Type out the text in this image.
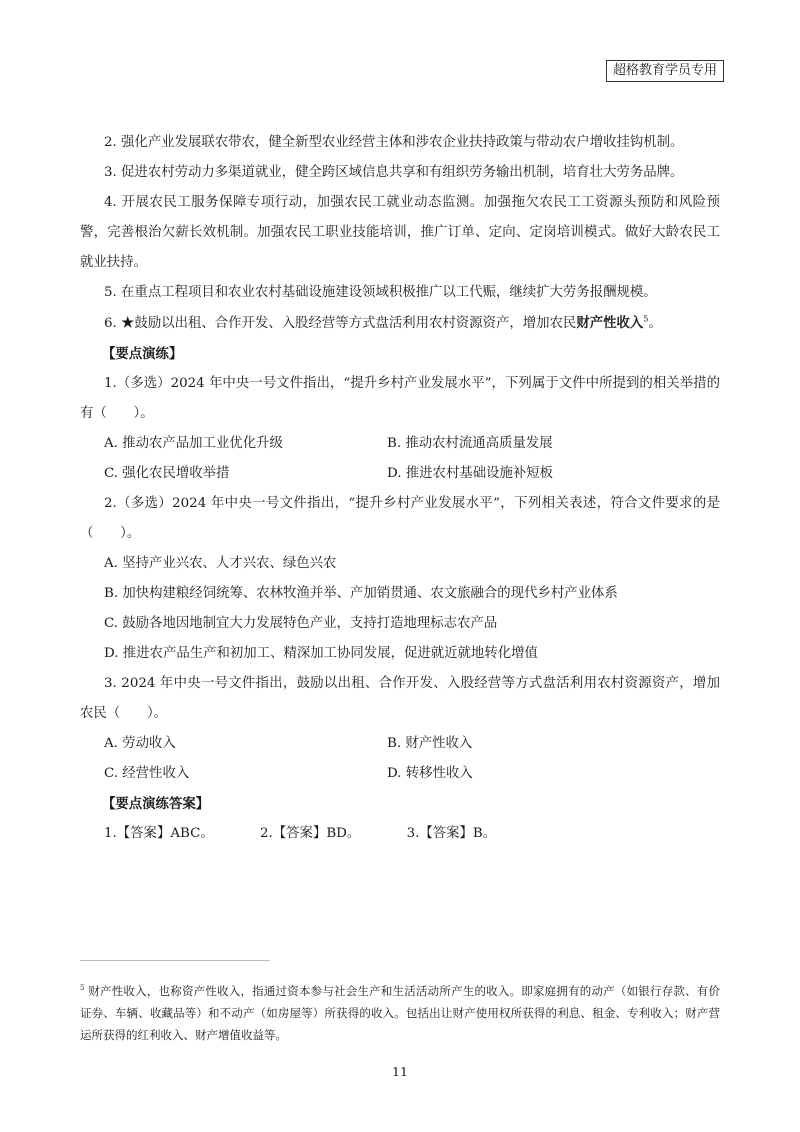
超格教育学员专用

2. 强化产业发展联农带农，健全新型农业经营主体和涉农企业扶持政策与带动农户增收挂钩机制。

3. 促进农村劳动力多渠道就业，健全跨区域信息共享和有组织劳务输出机制，培育壮大劳务品牌。

4. 开展农民工服务保障专项行动，加强农民工就业动态监测。加强拖欠农民工工资源头预防和风险预警，完善根治欠薪长效机制。加强农民工职业技能培训，推广订单、定向、定岗培训模式。做好大龄农民工就业扶持。

5. 在重点工程项目和农业农村基础设施建设领域积极推广以工代赈，继续扩大劳务报酬规模。

6. ★鼓励以出租、合作开发、入股经营等方式盘活利用农村资源资产，增加农民财产性收入$^5$。

【要点演练】

1.（多选）2024 年中央一号文件指出，“提升乡村产业发展水平”，下列属于文件中所提到的相关举措的有（　　）。

A. 推动农产品加工业优化升级	B. 推动农村流通高质量发展
C. 强化农民增收举措	D. 推进农村基础设施补短板

2.（多选）2024 年中央一号文件指出，“提升乡村产业发展水平”，下列相关表述，符合文件要求的是（　　）。

A. 坚持产业兴农、人才兴农、绿色兴农
B. 加快构建粮经饲统筹、农林牧渔并举、产加销贯通、农文旅融合的现代乡村产业体系
C. 鼓励各地因地制宜大力发展特色产业，支持打造地理标志农产品
D. 推进农产品生产和初加工、精深加工协同发展，促进就近就地转化增值

3. 2024 年中央一号文件指出，鼓励以出租、合作开发、入股经营等方式盘活利用农村资源资产，增加农民（　　）。

A. 劳动收入	B. 财产性收入
C. 经营性收入	D. 转移性收入

【要点演练答案】

1.【答案】ABC。	2.【答案】BD。	3.【答案】B。

$^5$ 财产性收入，也称资产性收入，指通过资本参与社会生产和生活活动所产生的收入。即家庭拥有的动产（如银行存款、有价证券、车辆、收藏品等）和不动产（如房屋等）所获得的收入。包括出让财产使用权所获得的利息、租金、专利收入；财产营运所获得的红利收入、财产增值收益等。

11
